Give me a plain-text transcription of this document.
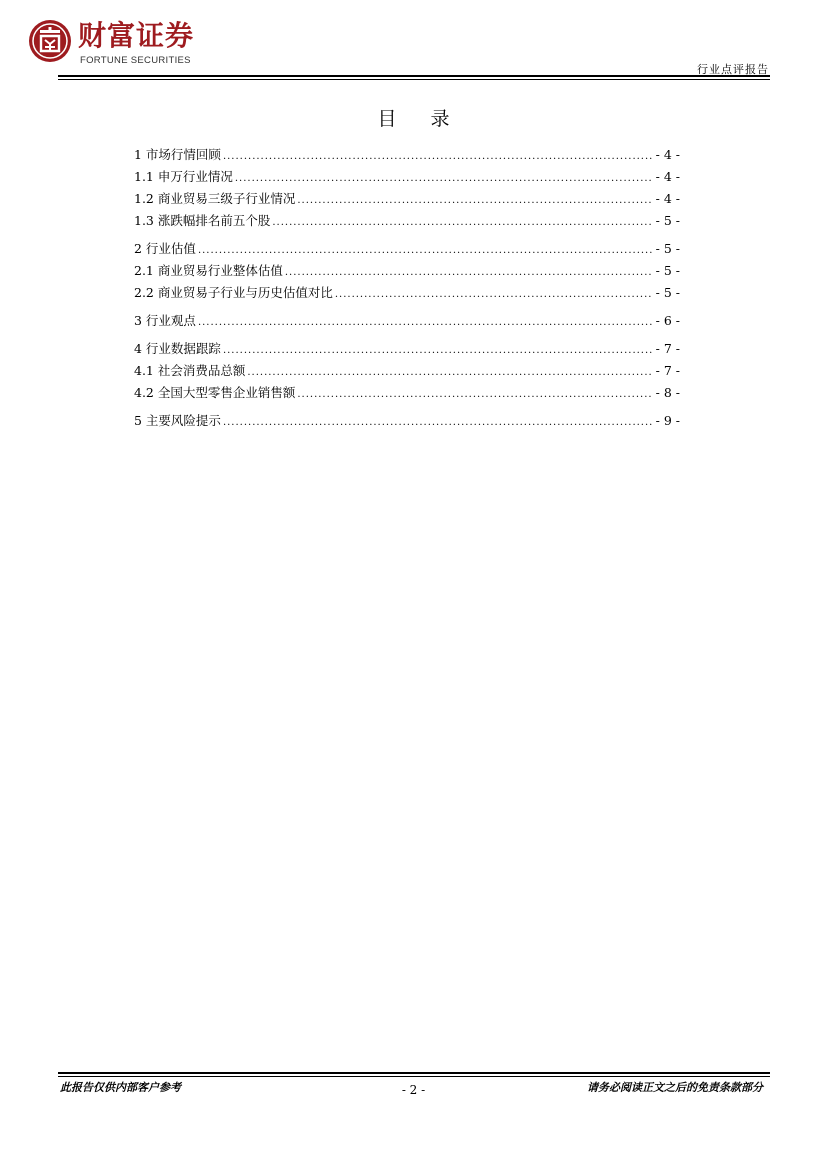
财富证券
FORTUNE SECURITIES
行业点评报告
目 录
1 市场行情回顾 .....	- 4 -
1.1 申万行业情况 .....	- 4 -
1.2 商业贸易三级子行业情况 .....	- 4 -
1.3 涨跌幅排名前五个股 .....	- 5 -
2 行业估值 .....	- 5 -
2.1 商业贸易行业整体估值 .....	- 5 -
2.2 商业贸易子行业与历史估值对比 .....	- 5 -
3 行业观点 .....	- 6 -
4 行业数据跟踪 .....	- 7 -
4.1 社会消费品总额 .....	- 7 -
4.2 全国大型零售企业销售额 .....	- 8 -
5 主要风险提示 .....	- 9 -
此报告仅供内部客户参考	- 2 -	请务必阅读正文之后的免责条款部分
